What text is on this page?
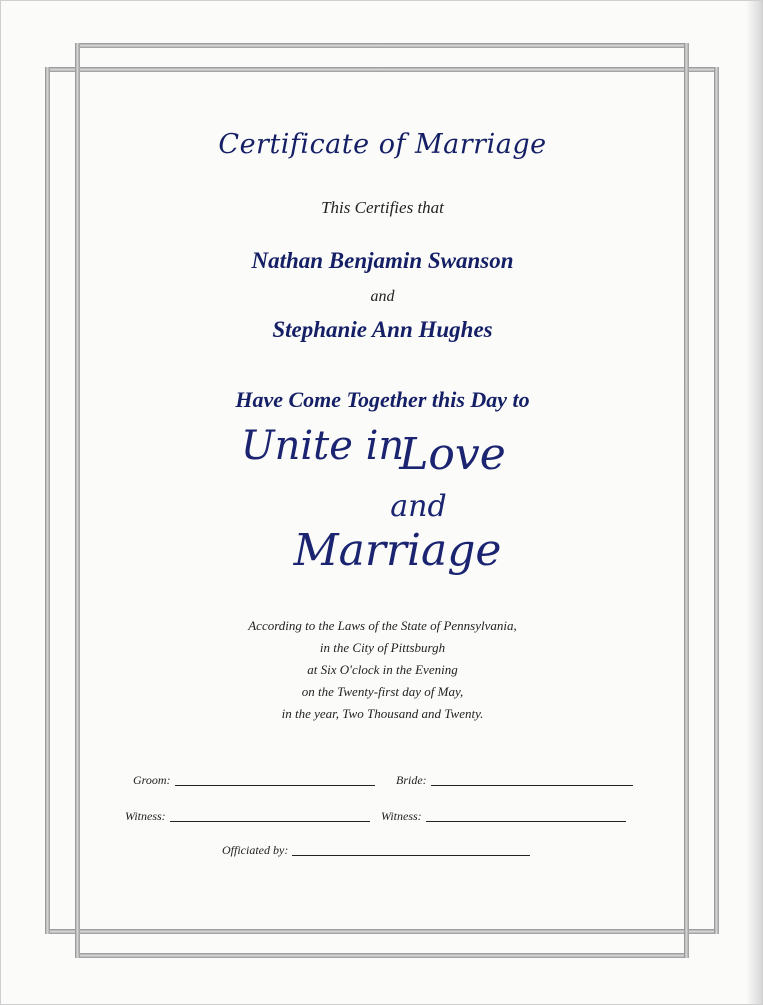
Certificate of Marriage
This Certifies that
Nathan Benjamin Swanson
and
Stephanie Ann Hughes
Have Come Together this Day to
Unite in
Love
and
Marriage
According to the Laws of the State of Pennsylvania,
in the City of Pittsburgh
at Six O'clock in the Evening
on the Twenty-first day of May,
in the year, Two Thousand and Twenty.
Groom:	Bride:
Witness:	Witness:
Officiated by:
